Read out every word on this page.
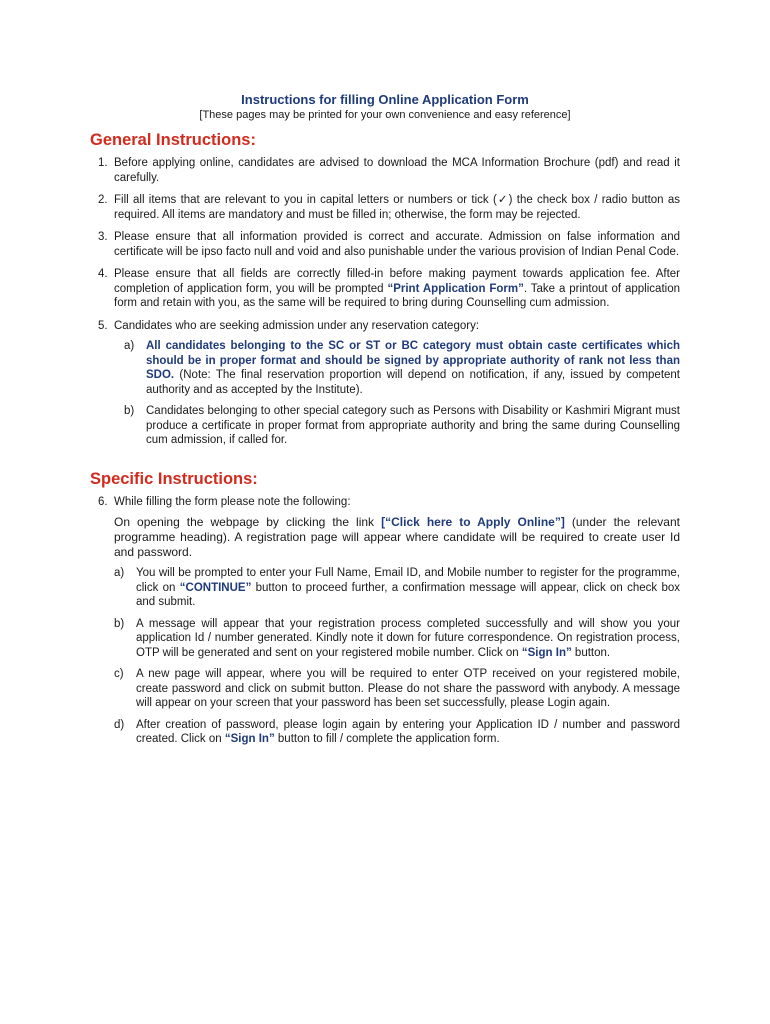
Instructions for filling Online Application Form
[These pages may be printed for your own convenience and easy reference]
General Instructions:
1. Before applying online, candidates are advised to download the MCA Information Brochure (pdf) and read it carefully.
2. Fill all items that are relevant to you in capital letters or numbers or tick (✓) the check box / radio button as required. All items are mandatory and must be filled in; otherwise, the form may be rejected.
3. Please ensure that all information provided is correct and accurate. Admission on false information and certificate will be ipso facto null and void and also punishable under the various provision of Indian Penal Code.
4. Please ensure that all fields are correctly filled-in before making payment towards application fee. After completion of application form, you will be prompted “Print Application Form”. Take a printout of application form and retain with you, as the same will be required to bring during Counselling cum admission.
5. Candidates who are seeking admission under any reservation category:
a) All candidates belonging to the SC or ST or BC category must obtain caste certificates which should be in proper format and should be signed by appropriate authority of rank not less than SDO. (Note: The final reservation proportion will depend on notification, if any, issued by competent authority and as accepted by the Institute).
b) Candidates belonging to other special category such as Persons with Disability or Kashmiri Migrant must produce a certificate in proper format from appropriate authority and bring the same during Counselling cum admission, if called for.
Specific Instructions:
6. While filling the form please note the following:
On opening the webpage by clicking the link [“Click here to Apply Online”] (under the relevant programme heading). A registration page will appear where candidate will be required to create user Id and password.
a) You will be prompted to enter your Full Name, Email ID, and Mobile number to register for the programme, click on “CONTINUE” button to proceed further, a confirmation message will appear, click on check box and submit.
b) A message will appear that your registration process completed successfully and will show you your application Id / number generated. Kindly note it down for future correspondence. On registration process, OTP will be generated and sent on your registered mobile number. Click on “Sign In” button.
c) A new page will appear, where you will be required to enter OTP received on your registered mobile, create password and click on submit button. Please do not share the password with anybody. A message will appear on your screen that your password has been set successfully, please Login again.
d) After creation of password, please login again by entering your Application ID / number and password created. Click on “Sign In” button to fill / complete the application form.
